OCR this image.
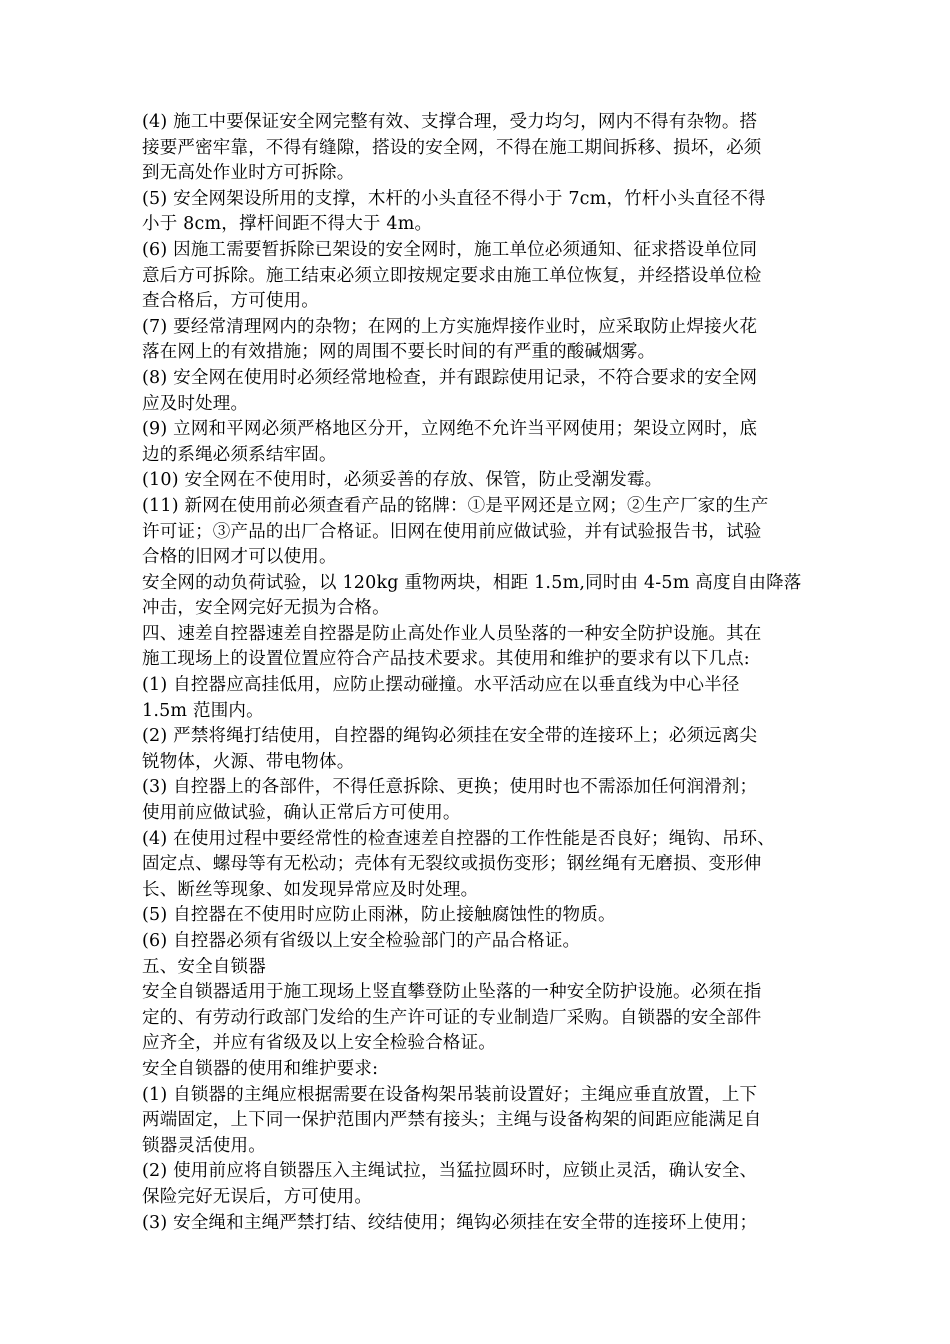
(4) 施工中要保证安全网完整有效、支撑合理，受力均匀，网内不得有杂物。搭
接要严密牢靠，不得有缝隙，搭设的安全网，不得在施工期间拆移、损坏，必须
到无高处作业时方可拆除。
(5) 安全网架设所用的支撑，木杆的小头直径不得小于 7cm，竹杆小头直径不得
小于 8cm，撑杆间距不得大于 4m。
(6) 因施工需要暂拆除已架设的安全网时，施工单位必须通知、征求搭设单位同
意后方可拆除。施工结束必须立即按规定要求由施工单位恢复，并经搭设单位检
查合格后，方可使用。
(7) 要经常清理网内的杂物；在网的上方实施焊接作业时，应采取防止焊接火花
落在网上的有效措施；网的周围不要长时间的有严重的酸碱烟雾。
(8) 安全网在使用时必须经常地检查，并有跟踪使用记录，不符合要求的安全网
应及时处理。
(9) 立网和平网必须严格地区分开，立网绝不允许当平网使用；架设立网时，底
边的系绳必须系结牢固。
(10) 安全网在不使用时，必须妥善的存放、保管，防止受潮发霉。
(11) 新网在使用前必须查看产品的铭牌：①是平网还是立网；②生产厂家的生产
许可证；③产品的出厂合格证。旧网在使用前应做试验，并有试验报告书，试验
合格的旧网才可以使用。
安全网的动负荷试验，以 120kg 重物两块，相距 1.5m,同时由 4-5m 高度自由降落
冲击，安全网完好无损为合格。
四、速差自控器速差自控器是防止高处作业人员坠落的一种安全防护设施。其在
施工现场上的设置位置应符合产品技术要求。其使用和维护的要求有以下几点:
(1) 自控器应高挂低用，应防止摆动碰撞。水平活动应在以垂直线为中心半径
1.5m 范围内。
(2) 严禁将绳打结使用，自控器的绳钩必须挂在安全带的连接环上；必须远离尖
锐物体，火源、带电物体。
(3) 自控器上的各部件，不得任意拆除、更换；使用时也不需添加任何润滑剂；
使用前应做试验，确认正常后方可使用。
(4) 在使用过程中要经常性的检查速差自控器的工作性能是否良好；绳钩、吊环、
固定点、螺母等有无松动；壳体有无裂纹或损伤变形；钢丝绳有无磨损、变形伸
长、断丝等现象、如发现异常应及时处理。
(5) 自控器在不使用时应防止雨淋，防止接触腐蚀性的物质。
(6) 自控器必须有省级以上安全检验部门的产品合格证。
五、安全自锁器
安全自锁器适用于施工现场上竖直攀登防止坠落的一种安全防护设施。必须在指
定的、有劳动行政部门发给的生产许可证的专业制造厂采购。自锁器的安全部件
应齐全，并应有省级及以上安全检验合格证。
安全自锁器的使用和维护要求:
(1) 自锁器的主绳应根据需要在设备构架吊装前设置好；主绳应垂直放置，上下
两端固定，上下同一保护范围内严禁有接头；主绳与设备构架的间距应能满足自
锁器灵活使用。
(2) 使用前应将自锁器压入主绳试拉，当猛拉圆环时，应锁止灵活，确认安全、
保险完好无误后，方可使用。
(3) 安全绳和主绳严禁打结、绞结使用；绳钩必须挂在安全带的连接环上使用；
